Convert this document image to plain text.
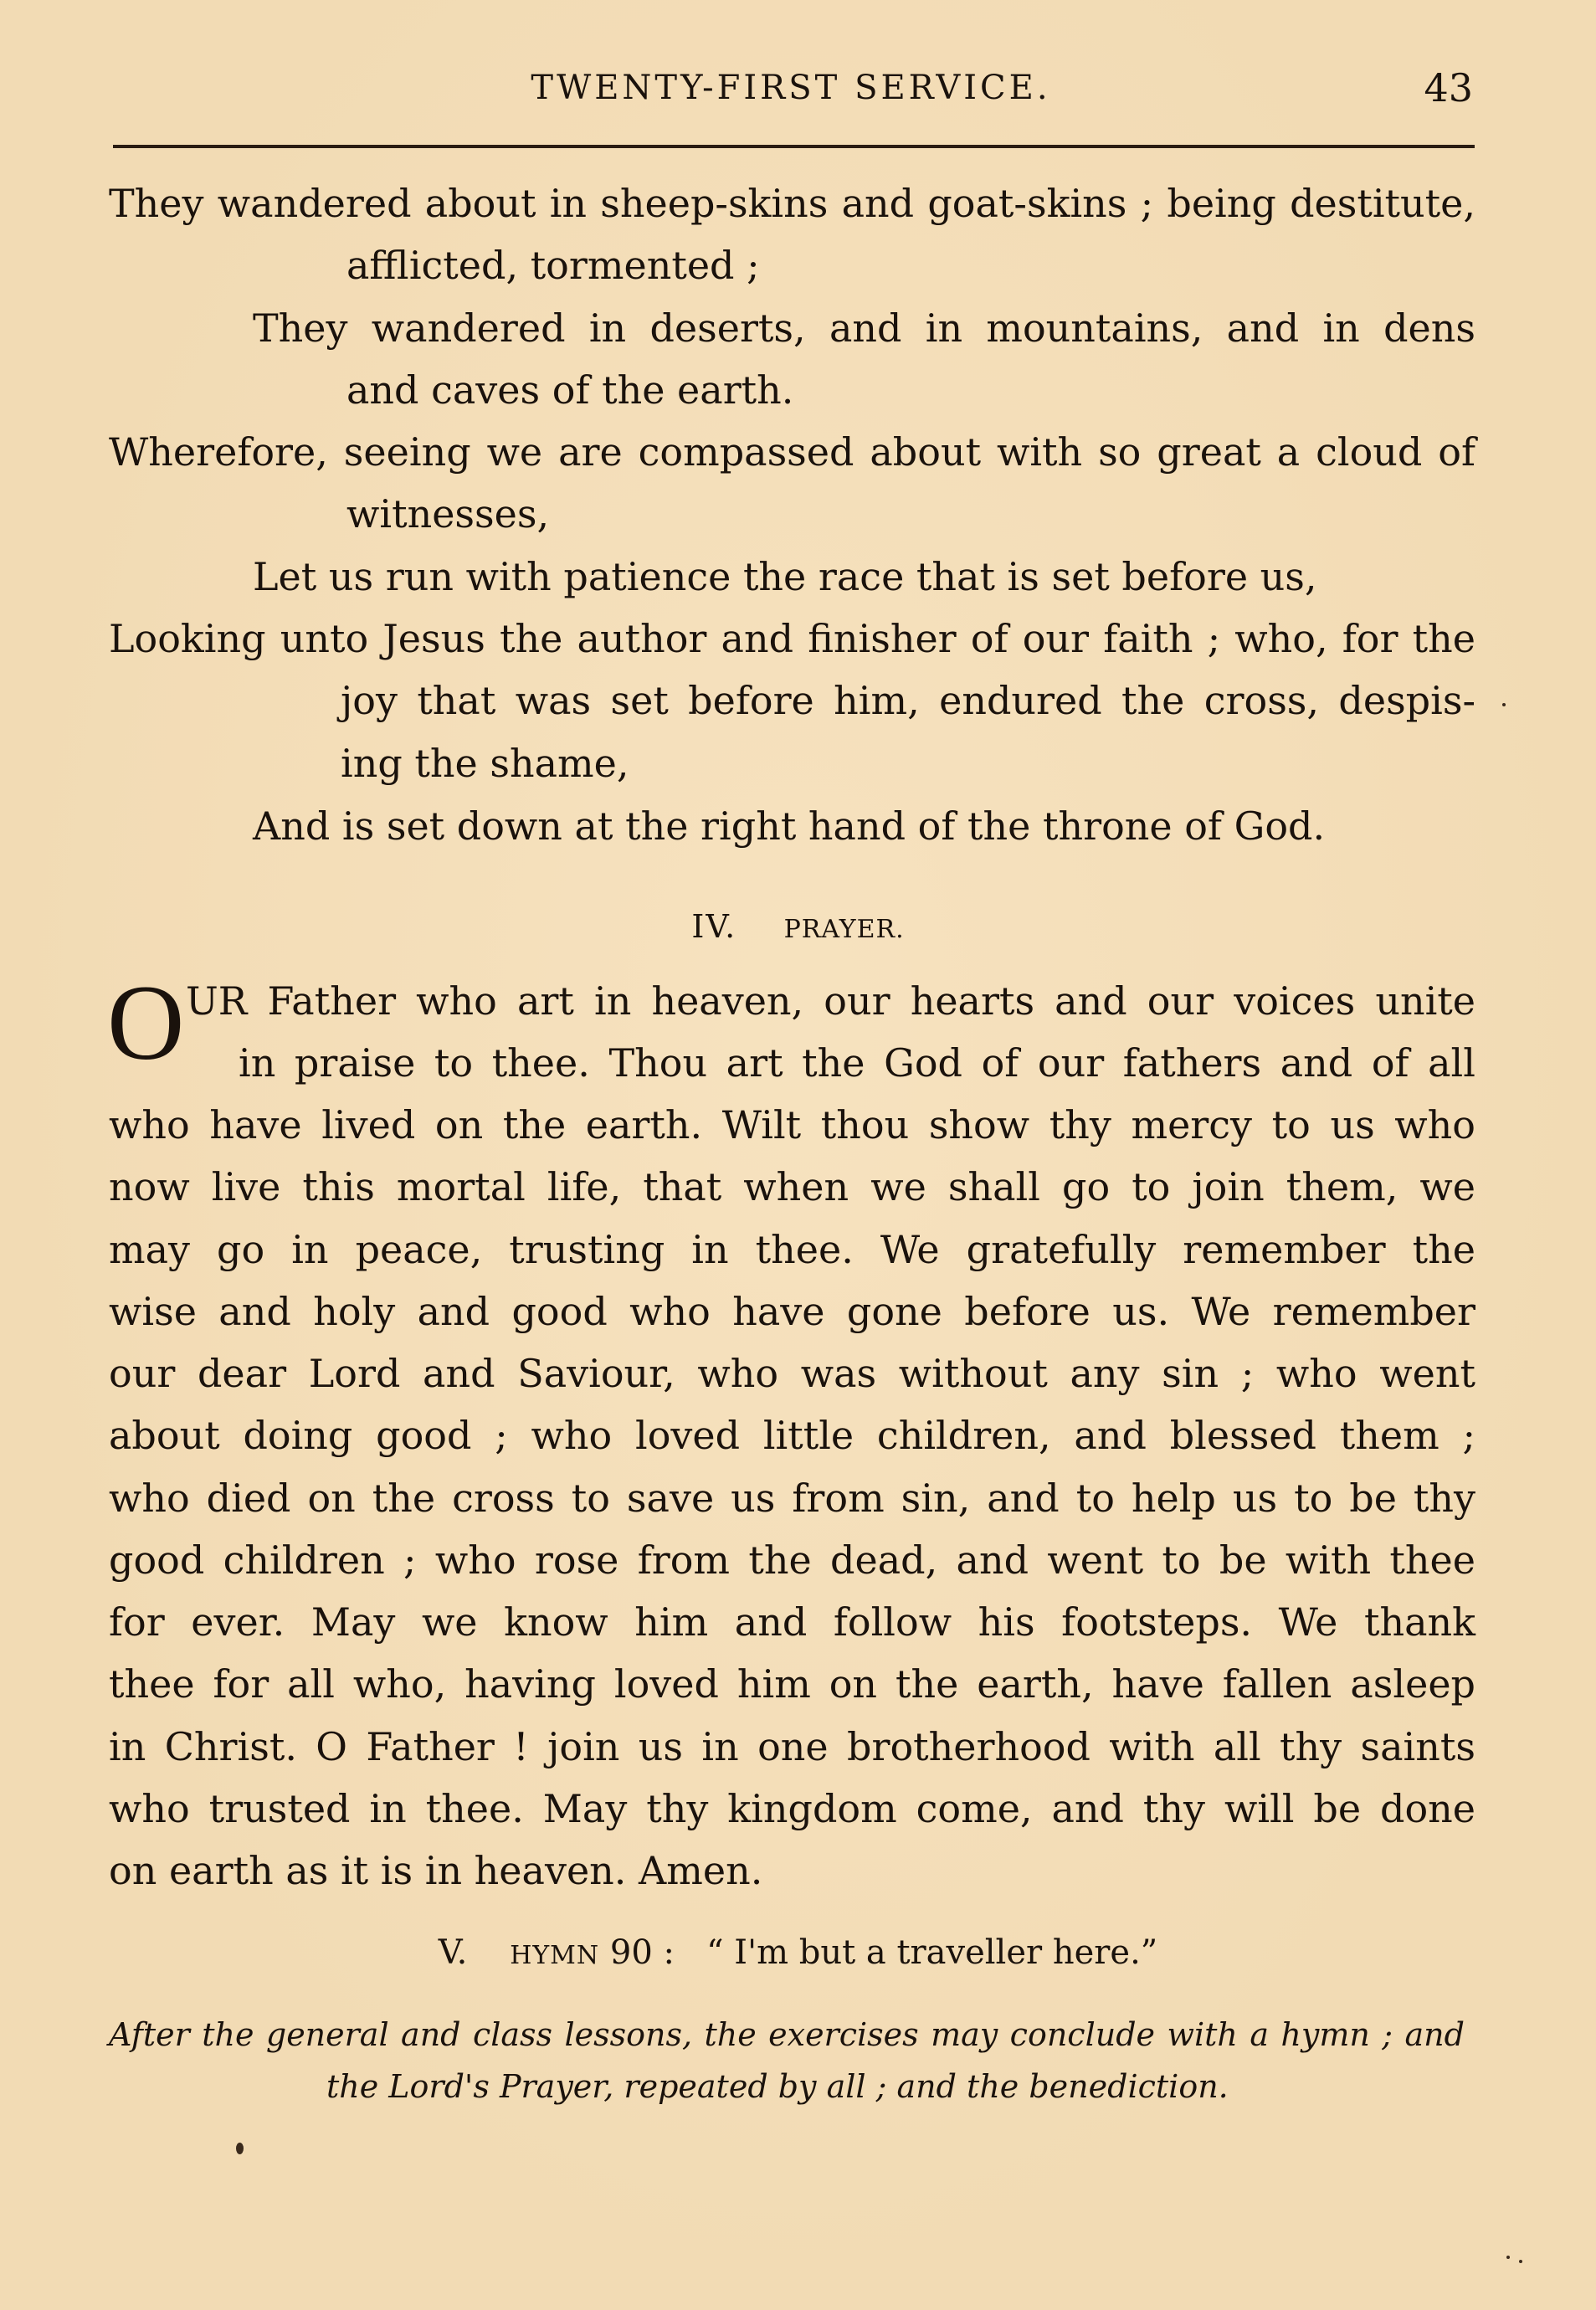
TWENTY-FIRST SERVICE.	43
They wandered about in sheep-skins and goat-skins ; being destitute,
afflicted, tormented ;
They wandered in deserts, and in mountains, and in dens
and caves of the earth.
Wherefore, seeing we are compassed about with so great a cloud of
witnesses,
Let us run with patience the race that is set before us,
Looking unto Jesus the author and finisher of our faith ; who, for the
joy that was set before him, endured the cross, despis-
ing the shame,
And is set down at the right hand of the throne of God.
IV. PRAYER.
O UR Father who art in heaven, our hearts and our voices unite
in praise to thee. Thou art the God of our fathers and of all
who have lived on the earth. Wilt thou show thy mercy to us who
now live this mortal life, that when we shall go to join them, we
may go in peace, trusting in thee. We gratefully remember the
wise and holy and good who have gone before us. We remember
our dear Lord and Saviour, who was without any sin ; who went
about doing good ; who loved little children, and blessed them ;
who died on the cross to save us from sin, and to help us to be thy
good children ; who rose from the dead, and went to be with thee
for ever. May we know him and follow his footsteps. We thank
thee for all who, having loved him on the earth, have fallen asleep
in Christ. O Father ! join us in one brotherhood with all thy saints
who trusted in thee. May thy kingdom come, and thy will be done
on earth as it is in heaven. Amen.
V. HYMN 90 : “ I'm but a traveller here.”
After the general and class lessons, the exercises may conclude with a hymn ; and
the Lord's Prayer, repeated by all ; and the benediction.
